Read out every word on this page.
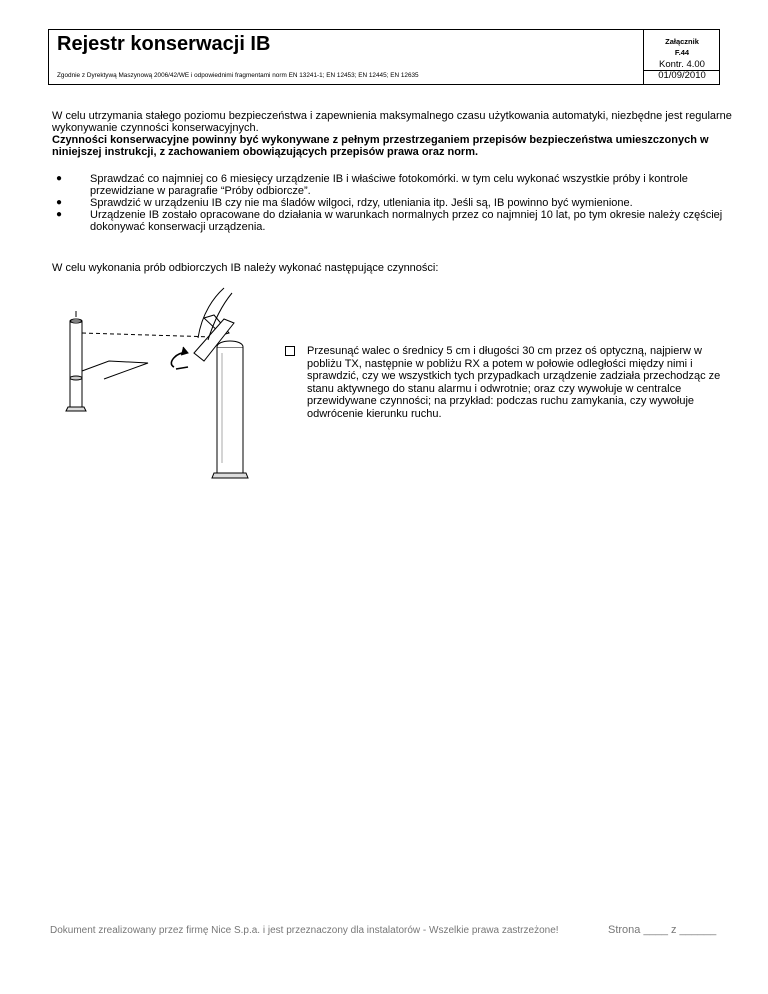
Rejestr konserwacji IB
Zgodnie z Dyrektywą Maszynową 2006/42/WE i odpowiednimi fragmentami norm EN 13241-1; EN 12453; EN 12445; EN 12635
Załącznik
F.44
Kontr. 4.00
01/09/2010

W celu utrzymania stałego poziomu bezpieczeństwa i zapewnienia maksymalnego czasu użytkowania automatyki, niezbędne jest regularne wykonywanie czynności konserwacyjnych.

Czynności konserwacyjne powinny być wykonywane z pełnym przestrzeganiem przepisów bezpieczeństwa umieszczonych w niniejszej instrukcji, z zachowaniem obowiązujących przepisów prawa oraz norm.

●	Sprawdzać co najmniej co 6 miesięcy urządzenie IB i właściwe fotokomórki. w tym celu wykonać wszystkie próby i kontrole przewidziane w paragrafie “Próby odbiorcze”.
●	Sprawdzić w urządzeniu IB czy nie ma śladów wilgoci, rdzy, utleniania itp. Jeśli są, IB powinno być wymienione.
●	Urządzenie IB zostało opracowane do działania w warunkach normalnych przez co najmniej 10 lat, po tym okresie należy częściej dokonywać konserwacji urządzenia.
W celu wykonania prób odbiorczych IB należy wykonać następujące czynności:
Przesunąć walec o średnicy 5 cm i długości 30 cm przez oś optyczną, najpierw w pobliżu TX, następnie w pobliżu RX a potem w połowie odległości między nimi i sprawdzić, czy we wszystkich tych przypadkach urządzenie zadziała przechodząc ze stanu aktywnego do stanu alarmu i odwrotnie; oraz czy wywołuje w centralce przewidywane czynności; na przykład: podczas ruchu zamykania, czy wywołuje odwrócenie kierunku ruchu.
Dokument zrealizowany przez firmę Nice S.p.a. i jest przeznaczony dla instalatorów - Wszelkie prawa zastrzeżone!	Strona ____ z ______
